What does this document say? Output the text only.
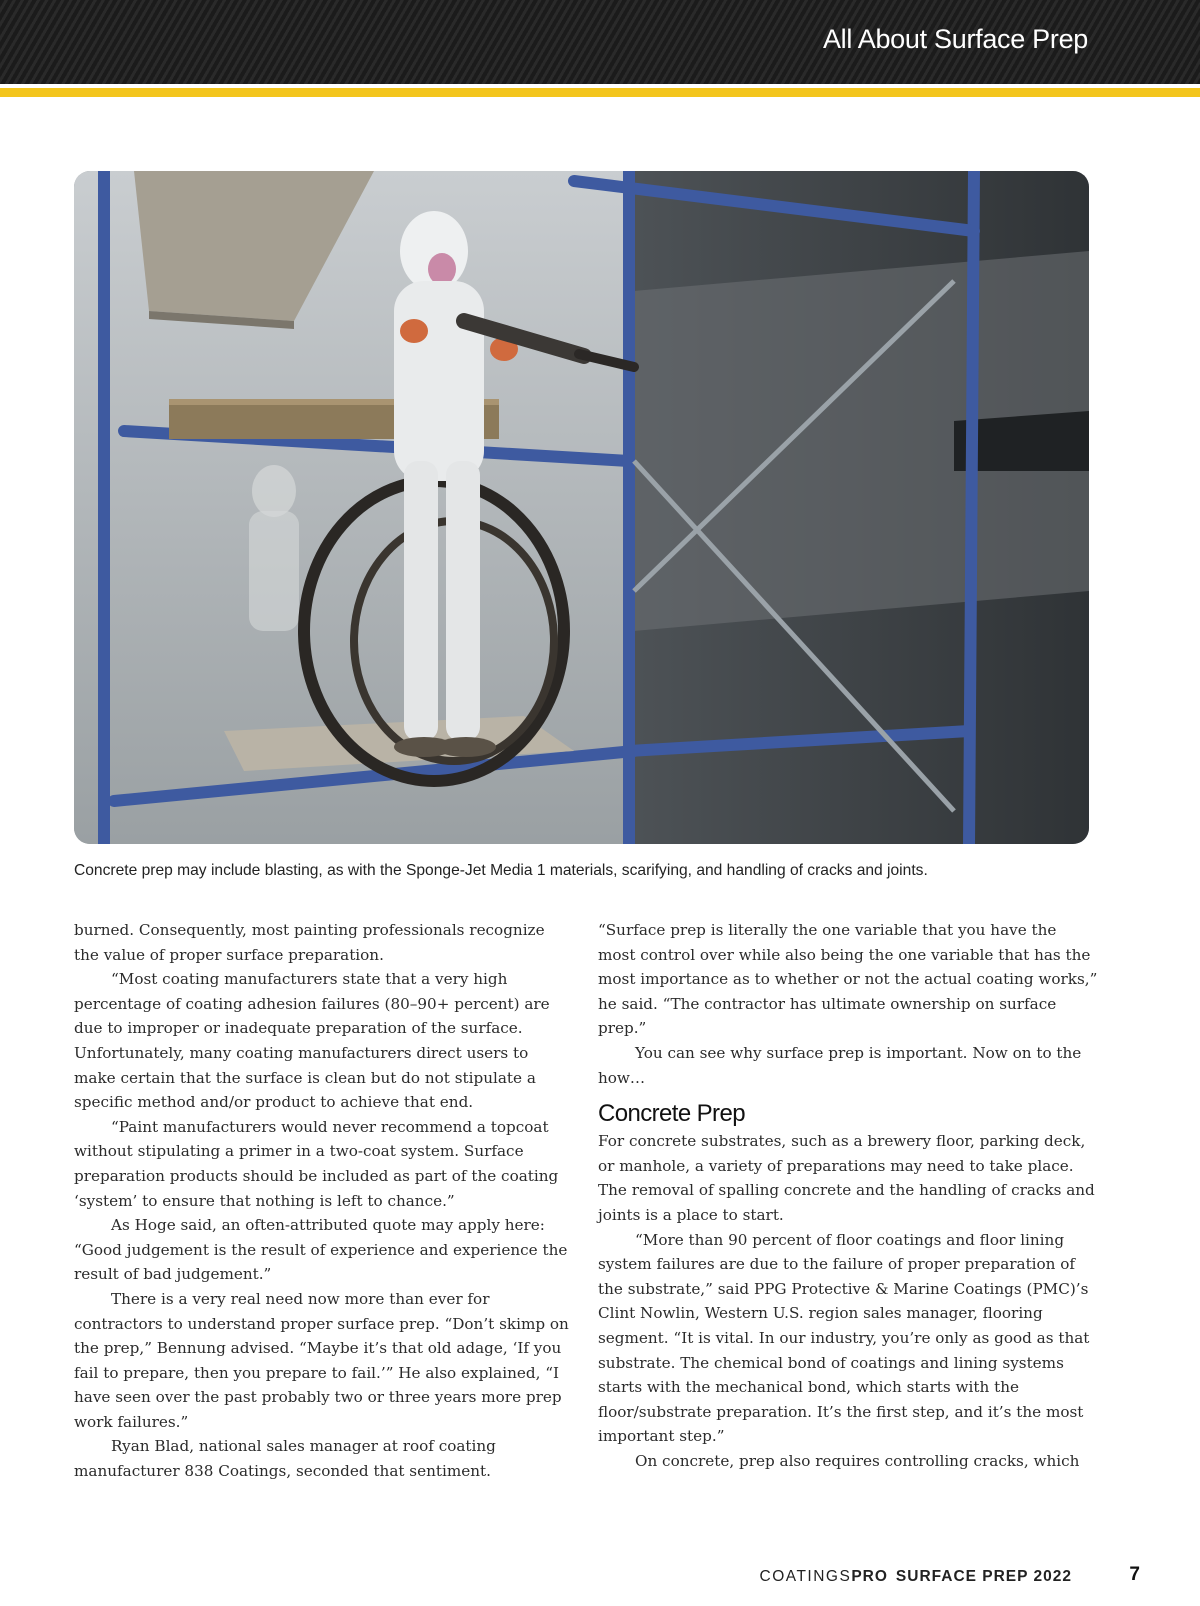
All About Surface Prep
Concrete prep may include blasting, as with the Sponge-Jet Media 1 materials, scarifying, and handling of cracks and joints.

burned. Consequently, most painting professionals recognize the value of proper surface preparation.

“Most coating manufacturers state that a very high percentage of coating adhesion failures (80–90+ percent) are due to improper or inadequate preparation of the surface. Unfortunately, many coating manufacturers direct users to make certain that the surface is clean but do not stipulate a specific method and/or product to achieve that end.

“Paint manufacturers would never recommend a topcoat without stipulating a primer in a two-coat system. Surface preparation products should be included as part of the coating ‘system’ to ensure that nothing is left to chance.”

As Hoge said, an often-attributed quote may apply here: “Good judgement is the result of experience and experience the result of bad judgement.”

There is a very real need now more than ever for contractors to understand proper surface prep. “Don’t skimp on the prep,” Bennung advised. “Maybe it’s that old adage, ‘If you fail to prepare, then you prepare to fail.’” He also explained, “I have seen over the past probably two or three years more prep work failures.”

Ryan Blad, national sales manager at roof coating manufacturer 838 Coatings, seconded that sentiment.

“Surface prep is literally the one variable that you have the most control over while also being the one variable that has the most importance as to whether or not the actual coating works,” he said. “The contractor has ultimate ownership on surface prep.”

You can see why surface prep is important. Now on to the how…

Concrete Prep

For concrete substrates, such as a brewery floor, parking deck, or manhole, a variety of preparations may need to take place. The removal of spalling concrete and the handling of cracks and joints is a place to start.

“More than 90 percent of floor coatings and floor lining system failures are due to the failure of proper preparation of the substrate,” said PPG Protective & Marine Coatings (PMC)’s Clint Nowlin, Western U.S. region sales manager, flooring segment. “It is vital. In our industry, you’re only as good as that substrate. The chemical bond of coatings and lining systems starts with the mechanical bond, which starts with the floor/substrate preparation. It’s the first step, and it’s the most important step.”

On concrete, prep also requires controlling cracks, which

COATINGSPRO SURFACE PREP 2022	7
